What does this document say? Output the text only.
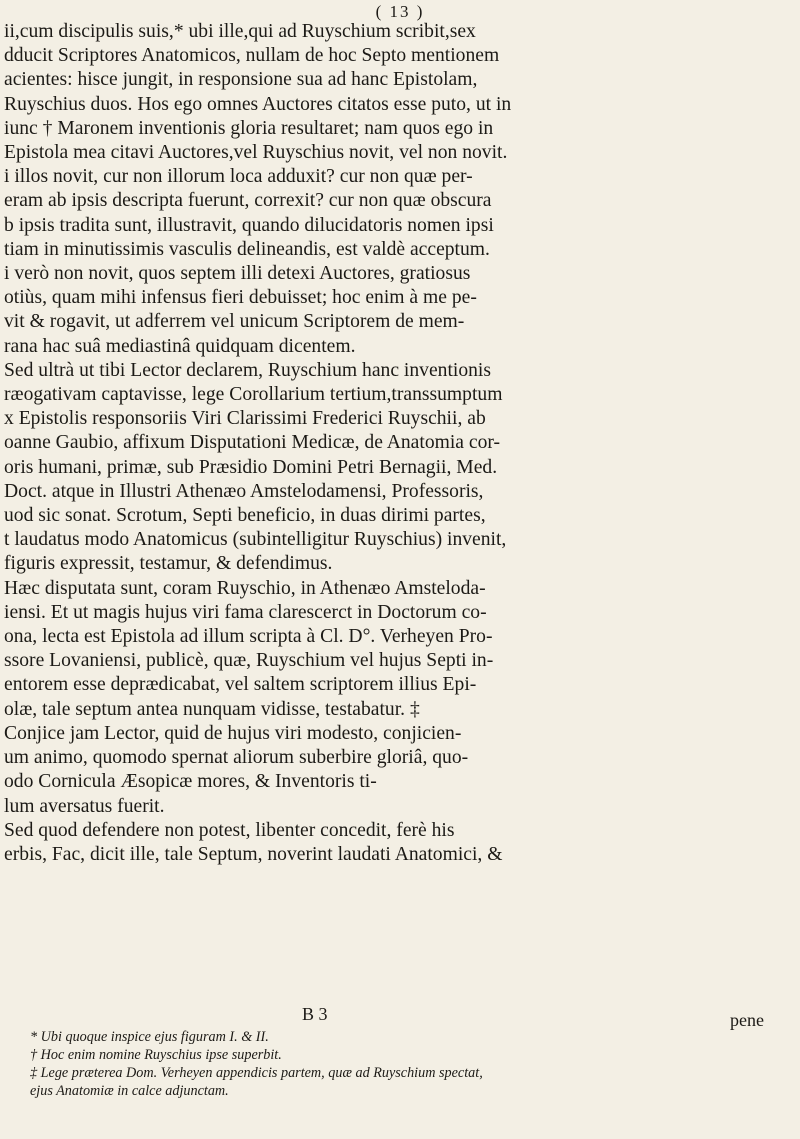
( 13 )
ii,cum discipulis suis,* ubi ille,qui ad Ruyschium scribit,sex
dducit Scriptores Anatomicos, nullam de hoc Septo mentionem
acientes: hisce jungit, in responsione sua ad hanc Epistolam,
Ruyschius duos. Hos ego omnes Auctores citatos esse puto, ut in
iunc † Maronem inventionis gloria resultaret; nam quos ego in
Epistola mea citavi Auctores,vel Ruyschius novit, vel non novit.
i illos novit, cur non illorum loca adduxit? cur non quæ per-
eram ab ipsis descripta fuerunt, correxit? cur non quæ obscura
b ipsis tradita sunt, illustravit, quando dilucidatoris nomen ipsi
tiam in minutissimis vasculis delineandis, est valdè acceptum.
i verò non novit, quos septem illi detexi Auctores, gratiosus
otiùs, quam mihi infensus fieri debuisset; hoc enim à me pe-
vit & rogavit, ut adferrem vel unicum Scriptorem de mem-
rana hac suâ mediastinâ quidquam dicentem.
Sed ultrà ut tibi Lector declarem, Ruyschium hanc inventionis
ræogativam captavisse, lege Corollarium tertium,transsumptum
x Epistolis responsoriis Viri Clarissimi Frederici Ruyschii, ab
oanne Gaubio, affixum Disputationi Medicæ, de Anatomia cor-
oris humani, primæ, sub Præsidio Domini Petri Bernagii, Med.
Doct. atque in Illustri Athenæo Amstelodamensi, Professoris,
uod sic sonat. Scrotum, Septi beneficio, in duas dirimi partes,
t laudatus modo Anatomicus (subintelligitur Ruyschius) invenit,
figuris expressit, testamur, & defendimus.
Hæc disputata sunt, coram Ruyschio, in Athenæo Amsteloda-
iensi. Et ut magis hujus viri fama clarescerct in Doctorum co-
ona, lecta est Epistola ad illum scripta à Cl. D°. Verheyen Pro-
ssore Lovaniensi, publicè, quæ, Ruyschium vel hujus Septi in-
entorem esse deprædicabat, vel saltem scriptorem illius Epi-
olæ, tale septum antea nunquam vidisse, testabatur. ‡
Conjice jam Lector, quid de hujus viri modesto, conjicien-
um animo, quomodo spernat aliorum suberbire gloriâ, quo-
odo Cornicula Æsopicæ mores, & Inventoris ti-
lum aversatus fuerit.
Sed quod defendere non potest, libenter concedit, ferè his
erbis, Fac, dicit ille, tale Septum, noverint laudati Anatomici, &
B 3	pene
* Ubi quoque inspice ejus figuram I. & II.
† Hoc enim nomine Ruyschius ipse superbit.
‡ Lege præterea Dom. Verheyen appendicis partem, quæ ad Ruyschium spectat,
ejus Anatomiæ in calce adjunctam.
